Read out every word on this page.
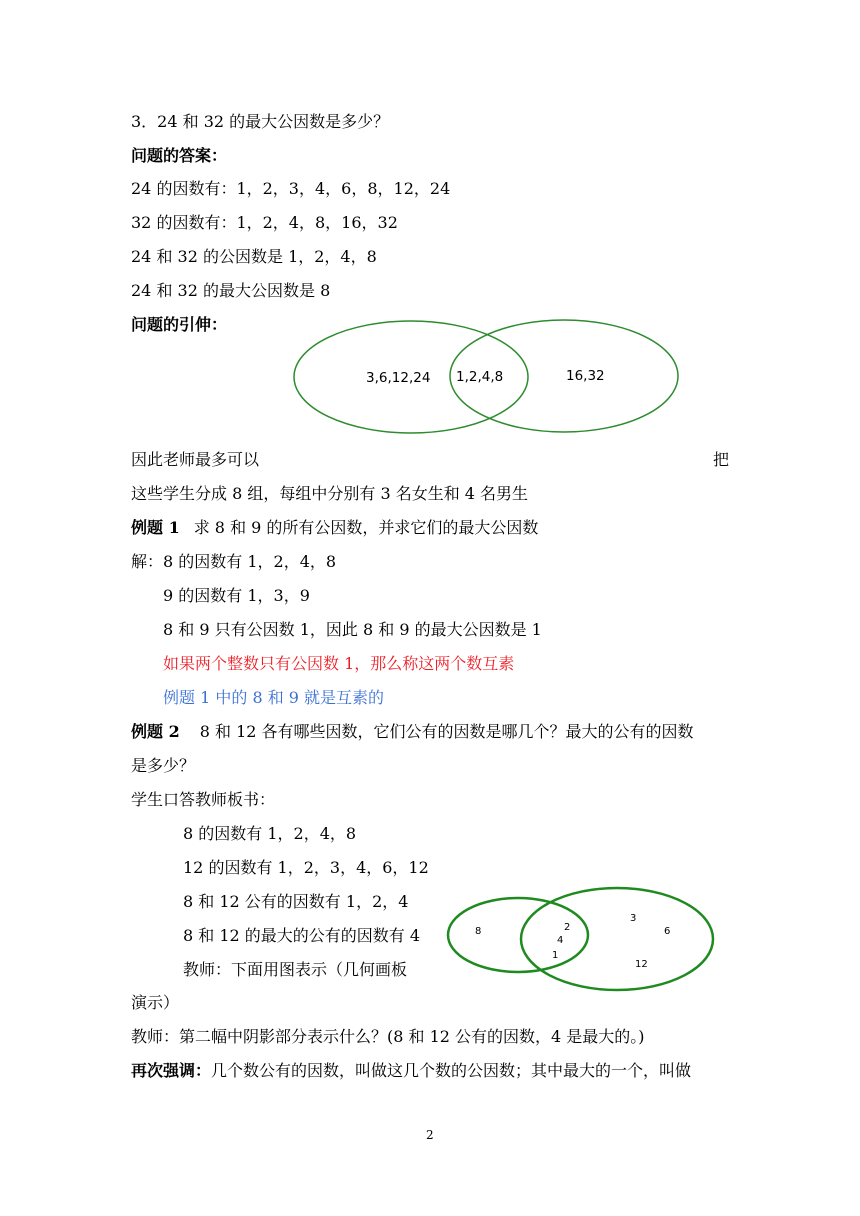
3．24 和 32 的最大公因数是多少？
问题的答案：
24 的因数有：1，2，3，4，6，8，12，24
32 的因数有：1，2，4，8，16，32
24 和 32 的公因数是 1，2，4，8
24 和 32 的最大公因数是 8
问题的引伸：
3,6,12,24 1,2,4,8	16,32
因此老师最多可以	把
这些学生分成 8 组，每组中分别有 3 名女生和 4 名男生
例题 1 求 8 和 9 的所有公因数，并求它们的最大公因数
解：8 的因数有 1，2，4，8
9 的因数有 1，3，9
8 和 9 只有公因数 1，因此 8 和 9 的最大公因数是 1
如果两个整数只有公因数 1，那么称这两个数互素
例题 1 中的 8 和 9 就是互素的
例题 2 8 和 12 各有哪些因数，它们公有的因数是哪几个？最大的公有的因数
是多少？
学生口答教师板书：
8 的因数有 1，2，4，8
12 的因数有 1，2，3，4，6，12
8 和 12 公有的因数有 1，2，4
8 和 12 的最大的公有的因数有 4
教师：下面用图表示（几何画板
演示）
8	2
4
1
3
6
12
教师：第二幅中阴影部分表示什么？(8 和 12 公有的因数，4 是最大的。)
再次强调：几个数公有的因数，叫做这几个数的公因数；其中最大的一个，叫做
2
